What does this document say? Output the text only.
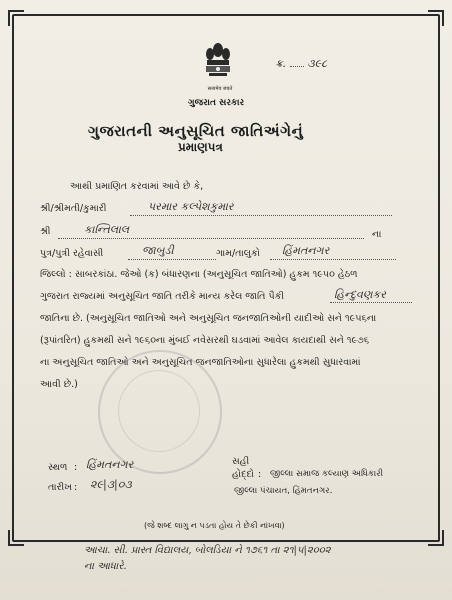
सत्यमेव जयते
ગુજરાત સરકાર
ક્ર. ૩૯૮
ગુજરાતની અનુસૂચિત જાતિઅંગેનું
પ્રમાણપત્ર
આથી પ્રમાણિત કરવામાં આવે છે કે,
શ્રી/શ્રીમતી/કુમારી	પરમાર કલ્પેશકુમાર
શ્રી	કાન્તિલાલ	ના
પુત્ર/પુત્રી રહેવાસી	જાબુડી	ગામ/તાલુકો હિંમતનગર
જિલ્લો : સાબરકાંઠા. જેઓ (ક) બંધારણના (અનુસૂચિત જાતિઓ) હુકમ ૧૯૫૦ હેઠળ
ગુજરાત રાજ્યમાં અનુસૂચિત જાતિ તરીકે માન્ય કરેલ જાતિ પૈકી	હિન્દુવણકર
જાતિના છે. (અનુસૂચિત જાતિઓ અને અનુસૂચિત જનજાતિઓની યાદીઓ સને ૧૯૫૬ના
(રૂપાંતરિત) હુકમથી સને ૧૯૬૦ના મુંબઈ નવેસરથી ઘડવામાં આવેલ કાયદાથી સને ૧૯૭૬
ના અનુસૂચિત જાતિઓ અને અનુસૂચિત જનજાતિઓના સુધારેલા હુકમથી સુધારવામાં
આવી છે.)
સ્થળ : હિંમતનગર
તારીખ : ૨૯|૩|૦૩
સહી
હોદ્દો : જીલ્લા સમાજ કલ્યાણ અધિકારી
જીલ્લા પંચાયત, હિંમતનગર.
(જે શબ્દ લાગુ ન પડતા હોય તે છેકી નાંખવા)
આચા. સી. પ્રાસ્ત વિદ્યાલય, બોલડિયા ને ૧૭૬૧ તા ૨૧|૫|૨૦૦૨
ના આધારે.
